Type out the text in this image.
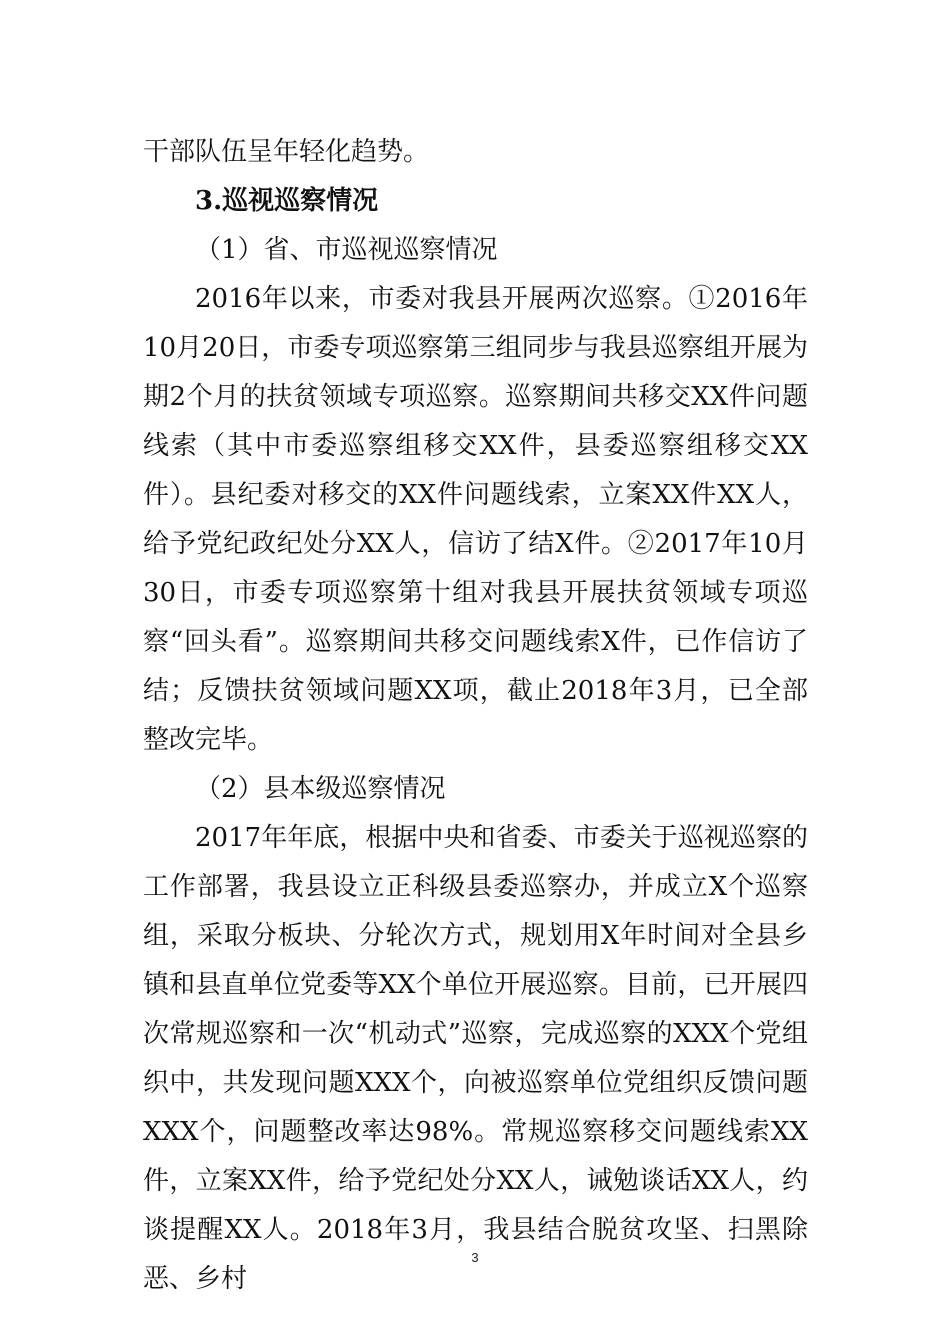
干部队伍呈年轻化趋势。

3.巡视巡察情况

（1）省、市巡视巡察情况

2016年以来，市委对我县开展两次巡察。①2016年10月20日，市委专项巡察第三组同步与我县巡察组开展为期2个月的扶贫领域专项巡察。巡察期间共移交XX件问题线索（其中市委巡察组移交XX件，县委巡察组移交XX件）。县纪委对移交的XX件问题线索，立案XX件XX人，给予党纪政纪处分XX人，信访了结X件。②2017年10月30日，市委专项巡察第十组对我县开展扶贫领域专项巡察“回头看”。巡察期间共移交问题线索X件，已作信访了结；反馈扶贫领域问题XX项，截止2018年3月，已全部整改完毕。

（2）县本级巡察情况

2017年年底，根据中央和省委、市委关于巡视巡察的工作部署，我县设立正科级县委巡察办，并成立X个巡察组，采取分板块、分轮次方式，规划用X年时间对全县乡镇和县直单位党委等XX个单位开展巡察。目前，已开展四次常规巡察和一次“机动式”巡察，完成巡察的XXX个党组织中，共发现问题XXX个，向被巡察单位党组织反馈问题XXX个，问题整改率达98%。常规巡察移交问题线索XX件，立案XX件，给予党纪处分XX人，诫勉谈话XX人，约谈提醒XX人。2018年3月，我县结合脱贫攻坚、扫黑除恶、乡村

3
